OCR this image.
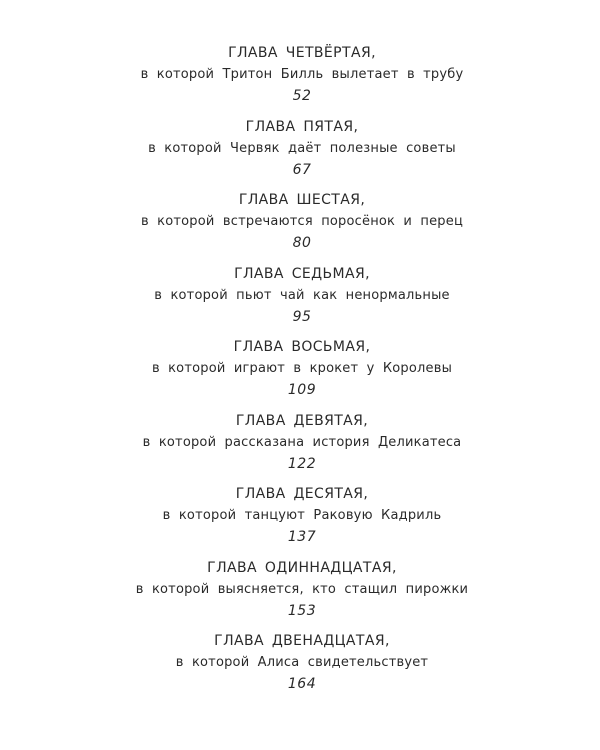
ГЛАВА ЧЕТВЁРТАЯ,
в которой Тритон Билль вылетает в трубу
52
ГЛАВА ПЯТАЯ,
в которой Червяк даёт полезные советы
67
ГЛАВА ШЕСТАЯ,
в которой встречаются поросёнок и перец
80
ГЛАВА СЕДЬМАЯ,
в которой пьют чай как ненормальные
95
ГЛАВА ВОСЬМАЯ,
в которой играют в крокет у Королевы
109
ГЛАВА ДЕВЯТАЯ,
в которой рассказана история Деликатеса
122
ГЛАВА ДЕСЯТАЯ,
в которой танцуют Раковую Кадриль
137
ГЛАВА ОДИННАДЦАТАЯ,
в которой выясняется, кто стащил пирожки
153
ГЛАВА ДВЕНАДЦАТАЯ,
в которой Алиса свидетельствует
164
